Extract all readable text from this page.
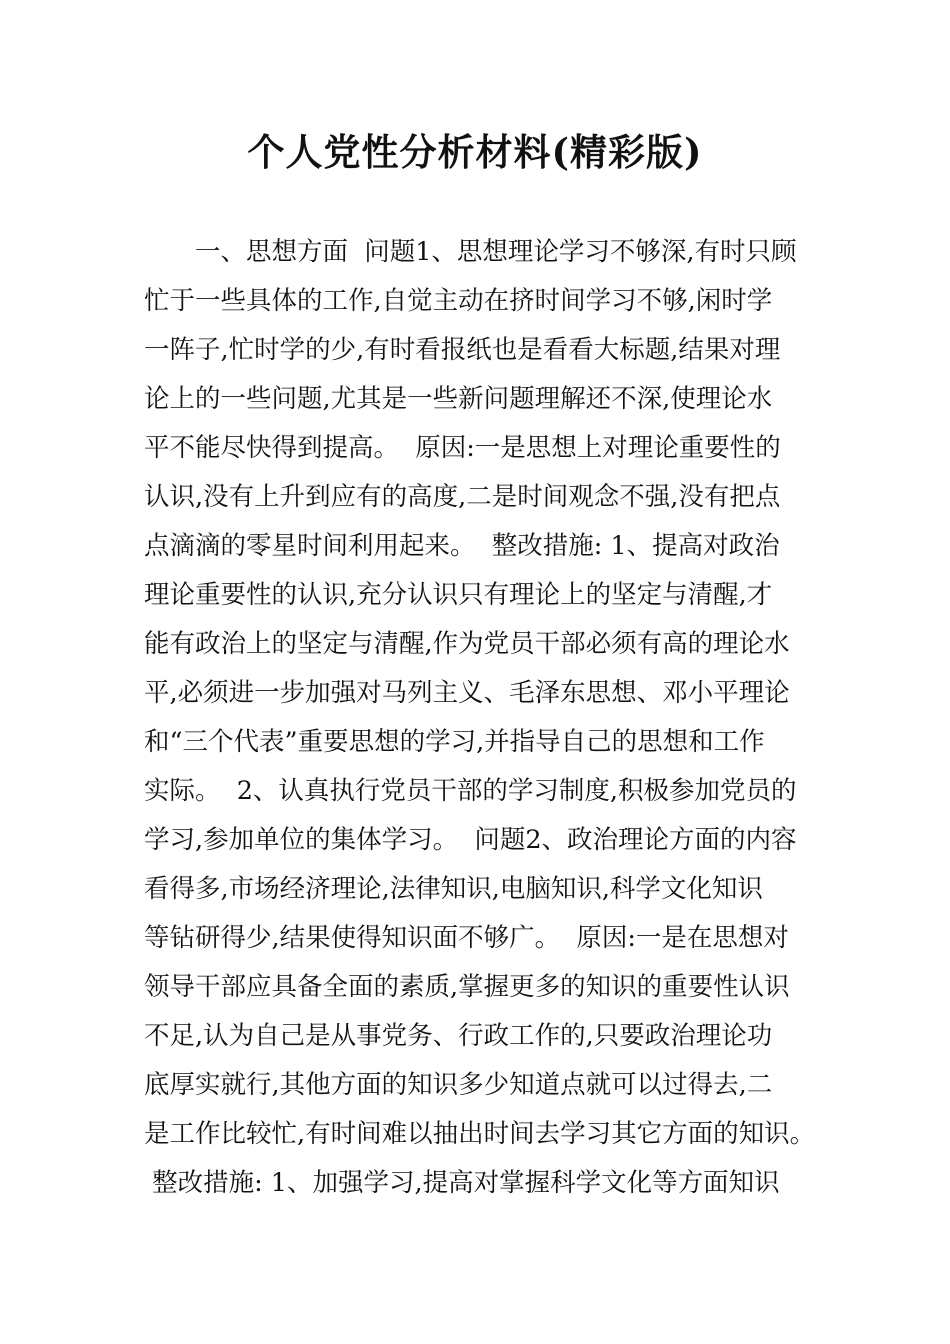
个人党性分析材料(精彩版)
　　一、思想方面  问题1、思想理论学习不够深,有时只顾
忙于一些具体的工作,自觉主动在挤时间学习不够,闲时学
一阵子,忙时学的少,有时看报纸也是看看大标题,结果对理
论上的一些问题,尤其是一些新问题理解还不深,使理论水
平不能尽快得到提高。  原因:一是思想上对理论重要性的
认识,没有上升到应有的高度,二是时间观念不强,没有把点
点滴滴的零星时间利用起来。  整改措施: 1、提高对政治
理论重要性的认识,充分认识只有理论上的坚定与清醒,才
能有政治上的坚定与清醒,作为党员干部必须有高的理论水
平,必须进一步加强对马列主义、毛泽东思想、邓小平理论
和“三个代表”重要思想的学习,并指导自己的思想和工作
实际。  2、认真执行党员干部的学习制度,积极参加党员的
学习,参加单位的集体学习。  问题2、政治理论方面的内容
看得多,市场经济理论,法律知识,电脑知识,科学文化知识
等钻研得少,结果使得知识面不够广。  原因:一是在思想对
领导干部应具备全面的素质,掌握更多的知识的重要性认识
不足,认为自己是从事党务、行政工作的,只要政治理论功
底厚实就行,其他方面的知识多少知道点就可以过得去,二
是工作比较忙,有时间难以抽出时间去学习其它方面的知识。
整改措施: 1、加强学习,提高对掌握科学文化等方面知识
